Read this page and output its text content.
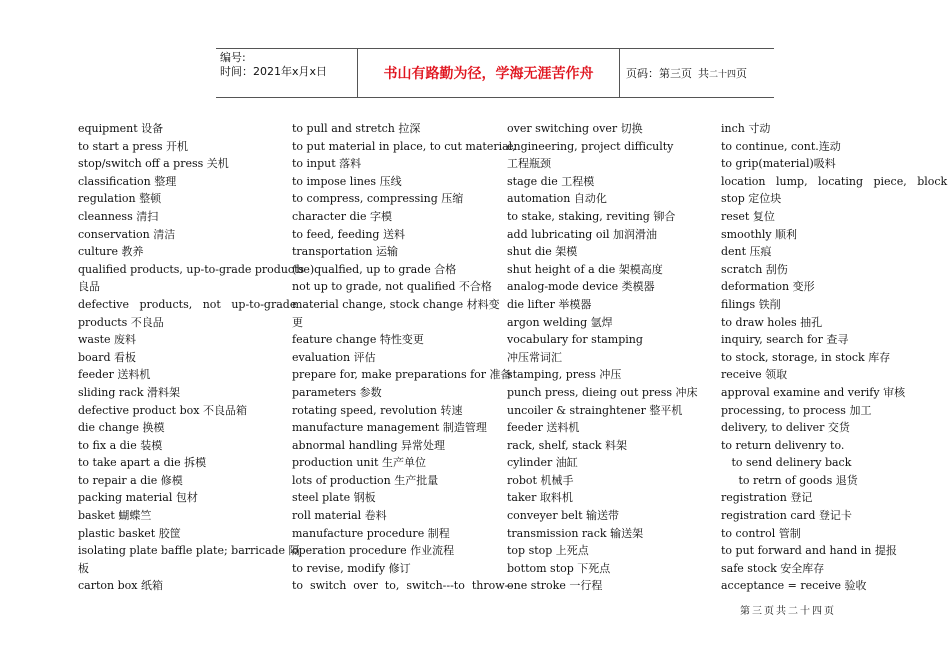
编号:
时间：2021年x月x日	书山有路勤为径，学海无涯苦作舟	页码：第三页 共 二十四 页
equipment 设备
to start a press 开机
stop/switch off a press 关机
classification 整理
regulation 整顿
cleanness 清扫
conservation 清洁
culture 教养
qualified products, up-to-grade products
良品
defective   products,   not   up-to-grade
products 不良品
waste 废料
board 看板
feeder 送料机
sliding rack 滑料架
defective product box 不良品箱
die change 换模
to fix a die 装模
to take apart a die 拆模
to repair a die 修模
packing material 包材
basket 蝴蝶竺
plastic basket 胶筐
isolating plate baffle plate; barricade 隔
板
carton box 纸箱
to pull and stretch 拉深
to put material in place, to cut material,
to input 落料
to impose lines 压线
to compress, compressing 压缩
character die 字模
to feed, feeding 送料
transportation 运输
(be)qualfied, up to grade 合格
not up to grade, not qualified 不合格
material change, stock change 材料变
更
feature change 特性变更
evaluation 评估
prepare for, make preparations for 准备
parameters 参数
rotating speed, revolution 转速
manufacture management 制造管理
abnormal handling 异常处理
production unit 生产单位
lots of production 生产批量
steel plate 钢板
roll material 卷料
manufacture procedure 制程
operation procedure 作业流程
to revise, modify 修订
to  switch  over  to,  switch---to  throw--
over switching over 切换
engineering, project difficulty
工程瓶颈
stage die 工程模
automation 自动化
to stake, staking, reviting 铆合
add lubricating oil 加润滑油
shut die 架模
shut height of a die 架模高度
analog-mode device 类模器
die lifter 举模器
argon welding 氩焊
vocabulary for stamping
冲压常词汇
stamping, press 冲压
punch press, dieing out press 冲床
uncoiler & strainghtener 整平机
feeder 送料机
rack, shelf, stack 料架
cylinder 油缸
robot 机械手
taker 取料机
conveyer belt 输送带
transmission rack 输送架
top stop 上死点
bottom stop 下死点
one stroke 一行程
inch 寸动
to continue, cont.连动
to grip(material)吸料
location   lump,   locating   piece,   block
stop 定位块
reset 复位
smoothly 顺利
dent 压痕
scratch 刮伤
deformation 变形
filings 铁削
to draw holes 抽孔
inquiry, search for 查寻
to stock, storage, in stock 库存
receive 领取
approval examine and verify 审核
processing, to process 加工
delivery, to deliver 交货
to return delivenry to.
to send delinery back
to retrn of goods 退货
registration 登记
registration card 登记卡
to control 管制
to put forward and hand in 提报
safe stock 安全库存
acceptance = receive 验收
第三页共二十四页
